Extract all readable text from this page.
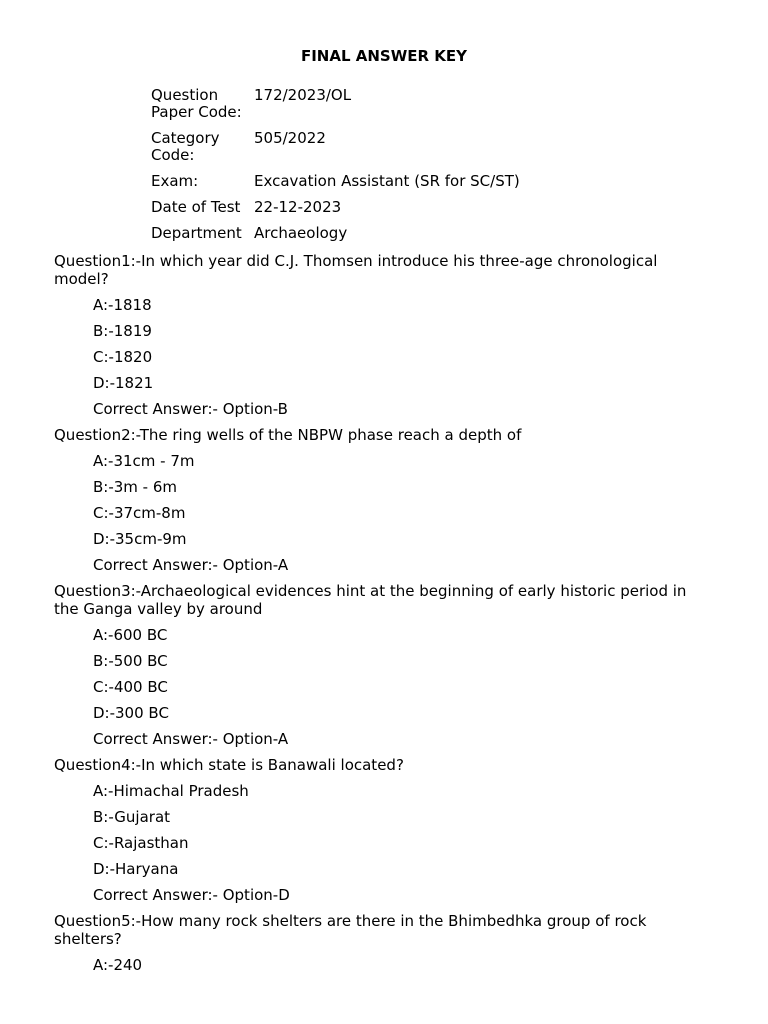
FINAL ANSWER KEY
Question Paper Code:	172/2023/OL
Category Code:	505/2022
Exam:	Excavation Assistant (SR for SC/ST)
Date of Test	22-12-2023
Department	Archaeology
Question1:-In which year did C.J. Thomsen introduce his three-age chronological model?
A:-1818
B:-1819
C:-1820
D:-1821
Correct Answer:- Option-B
Question2:-The ring wells of the NBPW phase reach a depth of
A:-31cm - 7m
B:-3m - 6m
C:-37cm-8m
D:-35cm-9m
Correct Answer:- Option-A
Question3:-Archaeological evidences hint at the beginning of early historic period in the Ganga valley by around
A:-600 BC
B:-500 BC
C:-400 BC
D:-300 BC
Correct Answer:- Option-A
Question4:-In which state is Banawali located?
A:-Himachal Pradesh
B:-Gujarat
C:-Rajasthan
D:-Haryana
Correct Answer:- Option-D
Question5:-How many rock shelters are there in the Bhimbedhka group of rock shelters?
A:-240
